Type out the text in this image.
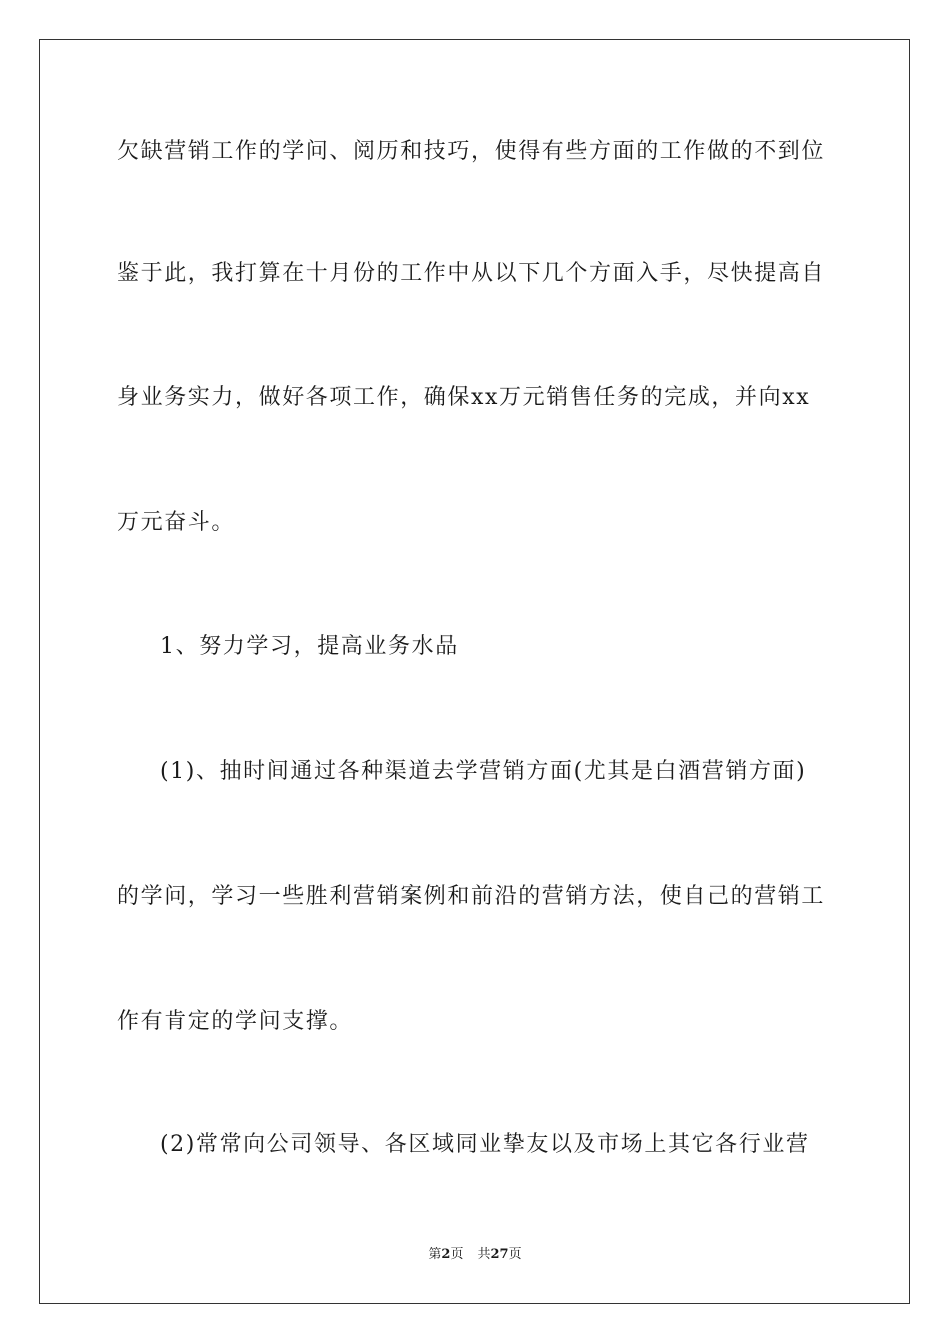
欠缺营销工作的学问、阅历和技巧，使得有些方面的工作做的不到位
鉴于此，我打算在十月份的工作中从以下几个方面入手，尽快提高自
身业务实力，做好各项工作，确保xx万元销售任务的完成，并向xx
万元奋斗。
1、努力学习，提高业务水品
(1)、抽时间通过各种渠道去学营销方面(尤其是白酒营销方面)
的学问，学习一些胜利营销案例和前沿的营销方法，使自己的营销工
作有肯定的学问支撑。
(2)常常向公司领导、各区域同业挚友以及市场上其它各行业营
第2页 共27页
